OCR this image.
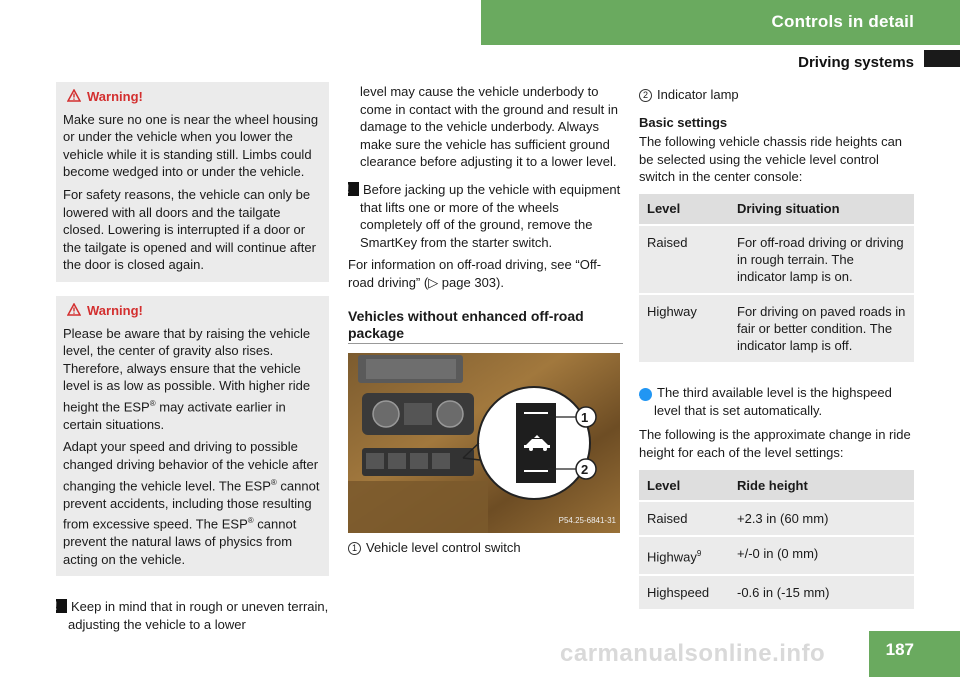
Controls in detail
Driving systems

Warning!

Make sure no one is near the wheel housing or under the vehicle when you lower the vehicle while it is standing still. Limbs could become wedged into or under the vehicle.

For safety reasons, the vehicle can only be lowered with all doors and the tailgate closed. Lowering is interrupted if a door or the tailgate is opened and will continue after the door is closed again.

Warning!

Please be aware that by raising the vehicle level, the center of gravity also rises. Therefore, always ensure that the vehicle level is as low as possible. With higher ride height the ESP® may activate earlier in certain situations.

Adapt your speed and driving to possible changed driving behavior of the vehicle after changing the vehicle level. The ESP® cannot prevent accidents, including those resulting from excessive speed. The ESP® cannot prevent the natural laws of physics from acting on the vehicle.

! Keep in mind that in rough or uneven terrain, adjusting the vehicle to a lower

level may cause the vehicle underbody to come in contact with the ground and result in damage to the vehicle underbody. Always make sure the vehicle has sufficient ground clearance before adjusting it to a lower level.

! Before jacking up the vehicle with equipment that lifts one or more of the wheels completely off of the ground, remove the SmartKey from the starter switch.

For information on off-road driving, see “Off-road driving” (▷ page 303).

Vehicles without enhanced off-road package

1
2
P54.25-6841-31

1 Vehicle level control switch

2 Indicator lamp

Basic settings

The following vehicle chassis ride heights can be selected using the vehicle level control switch in the center console:

Level	Driving situation
Raised	For off-road driving or driving in rough terrain. The indicator lamp is on.
Highway	For driving on paved roads in fair or better condition. The indicator lamp is off.

i The third available level is the highspeed level that is set automatically.

The following is the approximate change in ride height for each of the level settings:

Level	Ride height
Raised	+2.3 in (60 mm)
Highway$^9$	+/-0 in (0 mm)
Highspeed	-0.6 in (-15 mm)
carmanualsonline.info	187
